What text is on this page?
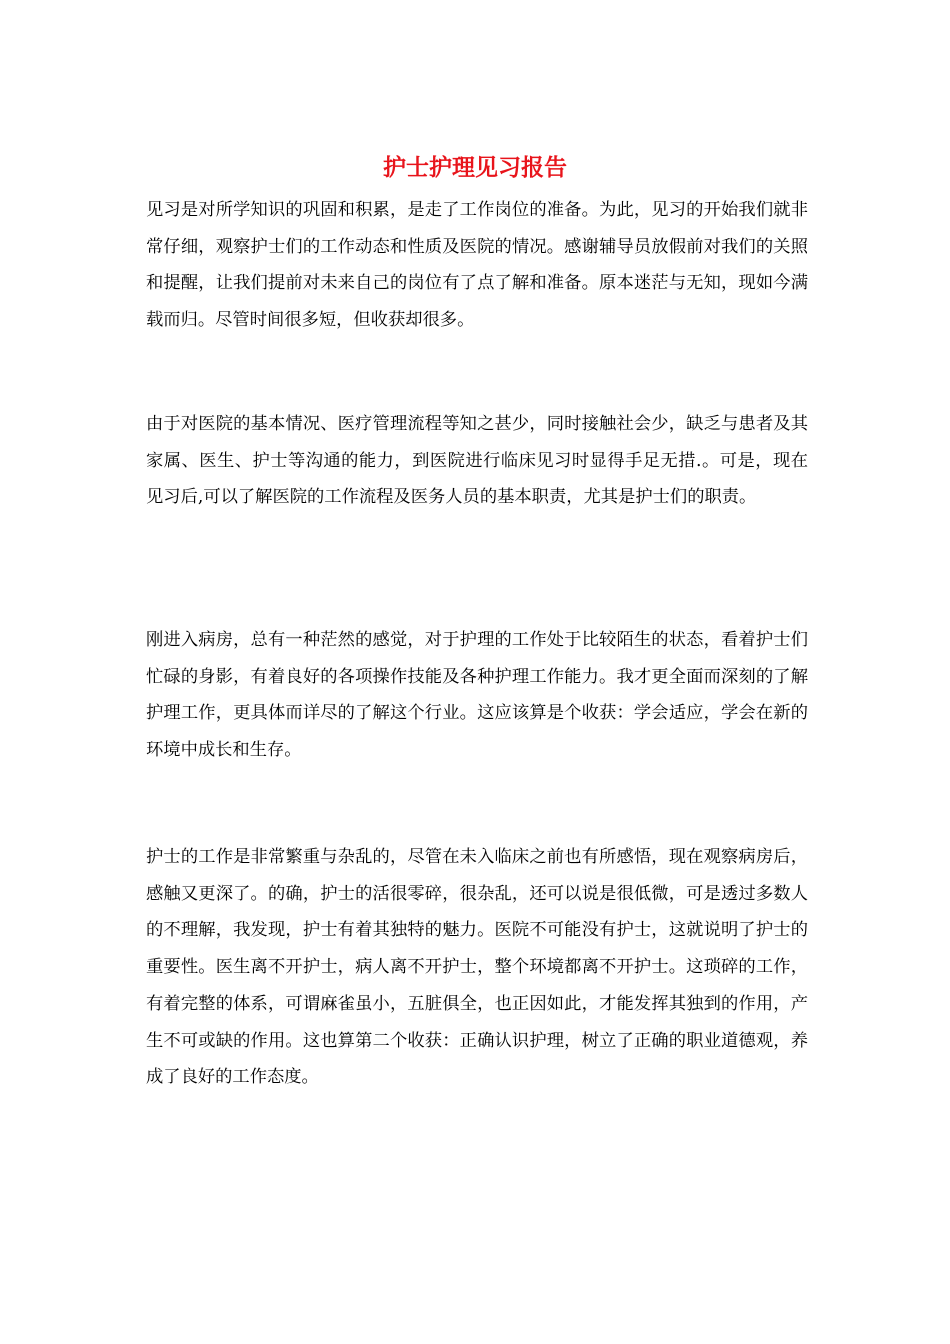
护士护理见习报告

见习是对所学知识的巩固和积累，是走了工作岗位的准备。为此，见习的开始我们就非常仔细，观察护士们的工作动态和性质及医院的情况。感谢辅导员放假前对我们的关照和提醒，让我们提前对未来自己的岗位有了点了解和准备。原本迷茫与无知，现如今满载而归。尽管时间很多短，但收获却很多。

由于对医院的基本情况、医疗管理流程等知之甚少，同时接触社会少，缺乏与患者及其家属、医生、护士等沟通的能力，到医院进行临床见习时显得手足无措.。可是，现在见习后,可以了解医院的工作流程及医务人员的基本职责，尤其是护士们的职责。

刚进入病房，总有一种茫然的感觉，对于护理的工作处于比较陌生的状态，看着护士们忙碌的身影，有着良好的各项操作技能及各种护理工作能力。我才更全面而深刻的了解护理工作，更具体而详尽的了解这个行业。这应该算是个收获：学会适应，学会在新的环境中成长和生存。

护士的工作是非常繁重与杂乱的，尽管在未入临床之前也有所感悟，现在观察病房后，感触又更深了。的确，护士的活很零碎，很杂乱，还可以说是很低微，可是透过多数人的不理解，我发现，护士有着其独特的魅力。医院不可能没有护士，这就说明了护士的重要性。医生离不开护士，病人离不开护士，整个环境都离不开护士。这琐碎的工作，有着完整的体系，可谓麻雀虽小，五脏俱全，也正因如此，才能发挥其独到的作用，产生不可或缺的作用。这也算第二个收获：正确认识护理，树立了正确的职业道德观，养成了良好的工作态度。
